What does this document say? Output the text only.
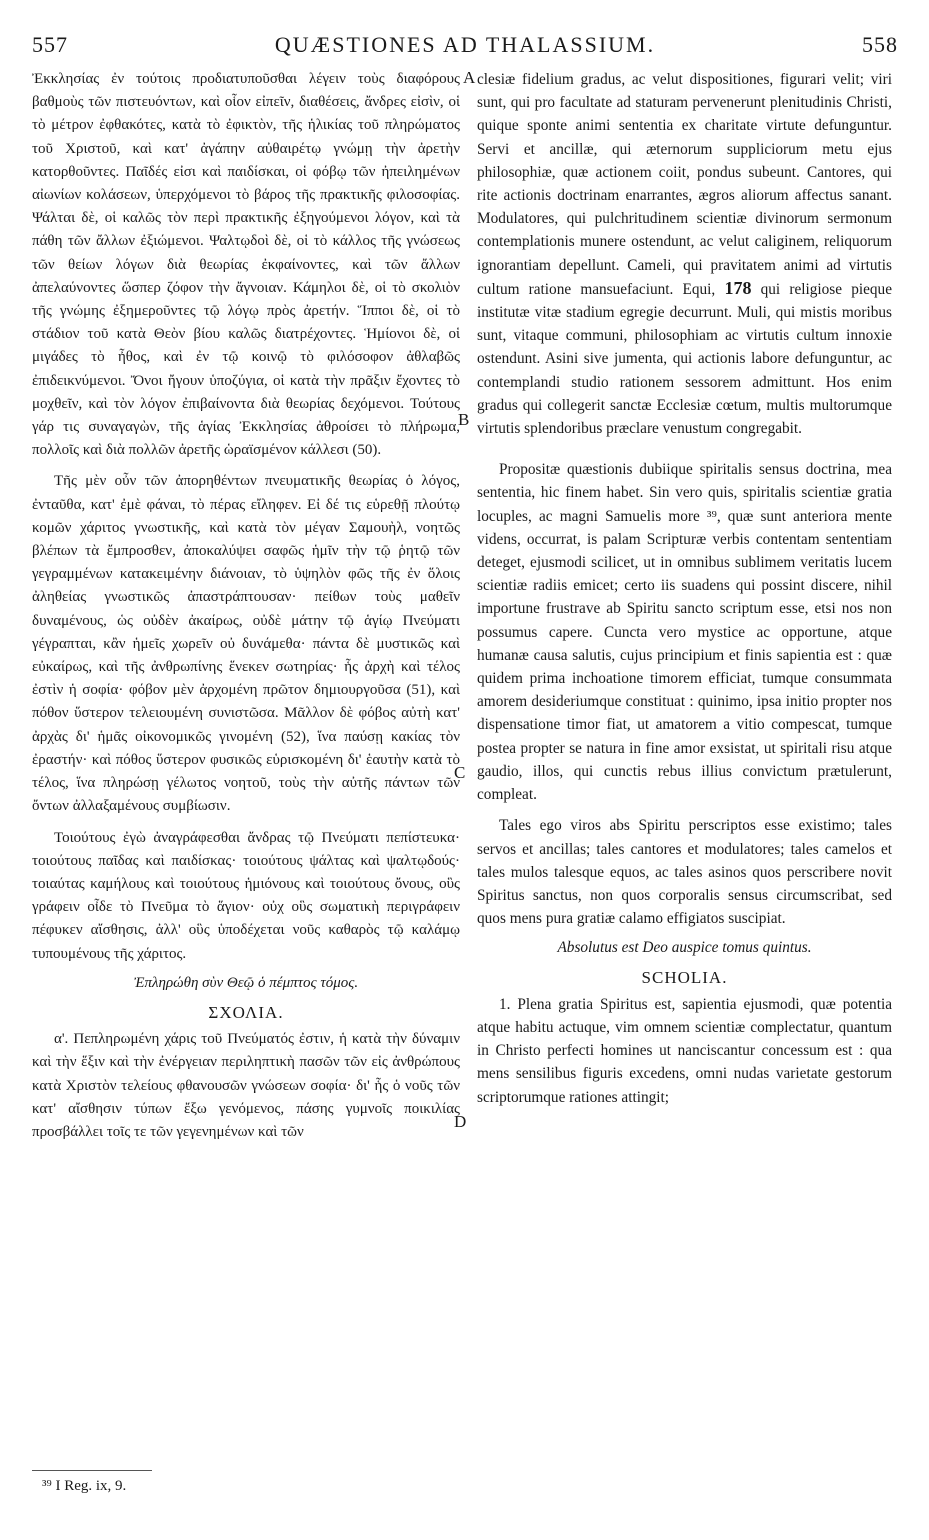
557	QUÆSTIONES AD THALASSIUM.	558

Ἐκκλησίας ἐν τούτοις προδιατυποῦσθαι λέγειν τοὺς διαφόρους βαθμοὺς τῶν πιστευόντων, καὶ οἷον εἰπεῖν, διαθέσεις, ἄνδρες εἰσὶν, οἱ τὸ μέτρον ἐφθακότες, κατὰ τὸ ἐφικτὸν, τῆς ἡλικίας τοῦ πληρώματος τοῦ Χριστοῦ, καὶ κατ' ἀγάπην αὐθαιρέτῳ γνώμῃ τὴν ἀρετὴν κατορθοῦντες. Παῖδές εἰσι καὶ παιδίσκαι, οἱ φόβῳ τῶν ἠπειλημένων αἰωνίων κολάσεων, ὑπερχόμενοι τὸ βάρος τῆς πρακτικῆς φιλοσοφίας. Ψάλται δὲ, οἱ καλῶς τὸν περὶ πρακτικῆς ἐξηγούμενοι λόγον, καὶ τὰ πάθη τῶν ἄλλων ἐξιώμενοι. Ψαλτῳδοὶ δὲ, οἱ τὸ κάλλος τῆς γνώσεως τῶν θείων λόγων διὰ θεωρίας ἐκφαίνοντες, καὶ τῶν ἄλλων ἀπελαύνοντες ὥσπερ ζόφον τὴν ἄγνοιαν. Κάμηλοι δὲ, οἱ τὸ σκολιὸν τῆς γνώμης ἐξημεροῦντες τῷ λόγῳ πρὸς ἀρετήν. Ἵπποι δὲ, οἱ τὸ στάδιον τοῦ κατὰ Θεὸν βίου καλῶς διατρέχοντες. Ἡμίονοι δὲ, οἱ μιγάδες τὸ ἦθος, καὶ ἐν τῷ κοινῷ τὸ φιλόσοφον ἀθλαβῶς ἐπιδεικνύμενοι. Ὄνοι ἤγουν ὑποζύγια, οἱ κατὰ τὴν πρᾶξιν ἔχοντες τὸ μοχθεῖν, καὶ τὸν λόγον ἐπιβαίνοντα διὰ θεωρίας δεχόμενοι. Τούτους γάρ τις συναγαγὼν, τῆς ἁγίας Ἐκκλησίας ἀθροίσει τὸ πλήρωμα, πολλοῖς καὶ διὰ πολλῶν ἀρετῆς ὡραϊσμένον κάλλεσι (50).

Τῆς μὲν οὖν τῶν ἀπορηθέντων πνευματικῆς θεωρίας ὁ λόγος, ἐνταῦθα, κατ' ἐμὲ φάναι, τὸ πέρας εἴληφεν. Εἰ δέ τις εὑρεθῇ πλούτῳ κομῶν χάριτος γνωστικῆς, καὶ κατὰ τὸν μέγαν Σαμουὴλ, νοητῶς βλέπων τὰ ἔμπροσθεν, ἀποκαλύψει σαφῶς ἡμῖν τὴν τῷ ῥητῷ τῶν γεγραμμένων κατακειμένην διάνοιαν, τὸ ὑψηλὸν φῶς τῆς ἐν ὅλοις ἀληθείας γνωστικῶς ἀπαστράπτουσαν· πείθων τοὺς μαθεῖν δυναμένους, ὡς οὐδὲν ἀκαίρως, οὐδὲ μάτην τῷ ἁγίῳ Πνεύματι γέγραπται, κἂν ἡμεῖς χωρεῖν οὐ δυνάμεθα· πάντα δὲ μυστικῶς καὶ εὐκαίρως, καὶ τῆς ἀνθρωπίνης ἕνεκεν σωτηρίας· ἧς ἀρχὴ καὶ τέλος ἐστὶν ἡ σοφία· φόβον μὲν ἀρχομένη πρῶτον δημιουργοῦσα (51), καὶ πόθον ὕστερον τελειουμένη συνιστῶσα. Μᾶλλον δὲ φόβος αὐτὴ κατ' ἀρχὰς δι' ἡμᾶς οἰκονομικῶς γινομένη (52), ἵνα παύσῃ κακίας τὸν ἐραστήν· καὶ πόθος ὕστερον φυσικῶς εὑρισκομένη δι' ἑαυτὴν κατὰ τὸ τέλος, ἵνα πληρώσῃ γέλωτος νοητοῦ, τοὺς τὴν αὐτῆς πάντων τῶν ὄντων ἀλλαξαμένους συμβίωσιν.

Τοιούτους ἐγὼ ἀναγράφεσθαι ἄνδρας τῷ Πνεύματι πεπίστευκα· τοιούτους παῖδας καὶ παιδίσκας· τοιούτους ψάλτας καὶ ψαλτῳδούς· τοιαύτας καμήλους καὶ τοιούτους ἡμιόνους καὶ τοιούτους ὄνους, οὓς γράφειν οἶδε τὸ Πνεῦμα τὸ ἅγιον· οὐχ οὓς σωματικὴ περιγράφειν πέφυκεν αἴσθησις, ἀλλ' οὓς ὑποδέχεται νοῦς καθαρὸς τῷ καλάμῳ τυπουμένους τῆς χάριτος.

Ἐπληρώθη σὺν Θεῷ ὁ πέμπτος τόμος.

ΣΧΟΛΙΑ.

α'. Πεπληρωμένη χάρις τοῦ Πνεύματός ἐστιν, ἡ κατὰ τὴν δύναμιν καὶ τὴν ἕξιν καὶ τὴν ἐνέργειαν περιληπτικὴ πασῶν τῶν εἰς ἀνθρώπους κατὰ Χριστὸν τελείους φθανουσῶν γνώσεων σοφία· δι' ἧς ὁ νοῦς τῶν κατ' αἴσθησιν τύπων ἔξω γενόμενος, πάσης γυμνοῖς ποικιλίας προσβάλλει τοῖς τε τῶν γεγενημένων καὶ τῶν

clesiæ fidelium gradus, ac velut dispositiones, figurari velit; viri sunt, qui pro facultate ad staturam pervenerunt plenitudinis Christi, quique sponte animi sententia ex charitate virtute defunguntur. Servi et ancillæ, qui æternorum suppliciorum metu ejus philosophiæ, quæ actionem coiit, pondus subeunt. Cantores, qui rite actionis doctrinam enarrantes, ægros aliorum affectus sanant. Modulatores, qui pulchritudinem scientiæ divinorum sermonum contemplationis munere ostendunt, ac velut caliginem, reliquorum ignorantiam depellunt. Cameli, qui pravitatem animi ad virtutis cultum ratione mansuefaciunt. Equi, 178 qui religiose pieque institutæ vitæ stadium egregie decurrunt. Muli, qui mistis moribus sunt, vitaque communi, philosophiam ac virtutis cultum innoxie ostendunt. Asini sive jumenta, qui actionis labore defunguntur, ac contemplandi studio rationem sessorem admittunt. Hos enim gradus qui collegerit sanctæ Ecclesiæ cœtum, multis multorumque virtutis splendoribus præclare venustum congregabit.

Propositæ quæstionis dubiique spiritalis sensus doctrina, mea sententia, hic finem habet. Sin vero quis, spiritalis scientiæ gratia locuples, ac magni Samuelis more ³⁹, quæ sunt anteriora mente videns, occurrat, is palam Scripturæ verbis contentam sententiam deteget, ejusmodi scilicet, ut in omnibus sublimem veritatis lucem scientiæ radiis emicet; certo iis suadens qui possint discere, nihil importune frustrave ab Spiritu sancto scriptum esse, etsi nos non possumus capere. Cuncta vero mystice ac opportune, atque humanæ causa salutis, cujus principium et finis sapientia est : quæ quidem prima inchoatione timorem efficiat, tumque consummata amorem desideriumque constituat : quinimo, ipsa initio propter nos dispensatione timor fiat, ut amatorem a vitio compescat, tumque postea propter se natura in fine amor exsistat, ut spiritali risu atque gaudio, illos, qui cunctis rebus illius convictum prætulerunt, compleat.

Tales ego viros abs Spiritu perscriptos esse existimo; tales servos et ancillas; tales cantores et modulatores; tales camelos et tales mulos talesque equos, ac tales asinos quos perscribere novit Spiritus sanctus, non quos corporalis sensus circumscribat, sed quos mens pura gratiæ calamo effigiatos suscipiat.

Absolutus est Deo auspice tomus quintus.

SCHOLIA.

1. Plena gratia Spiritus est, sapientia ejusmodi, quæ potentia atque habitu actuque, vim omnem scientiæ complectatur, quantum in Christo perfecti homines ut nanciscantur concessum est : qua mens sensilibus figuris excedens, omni nudas varietate gestorum scriptorumque rationes attingit;

A
B
C
D
³⁹ I Reg. ix, 9.
